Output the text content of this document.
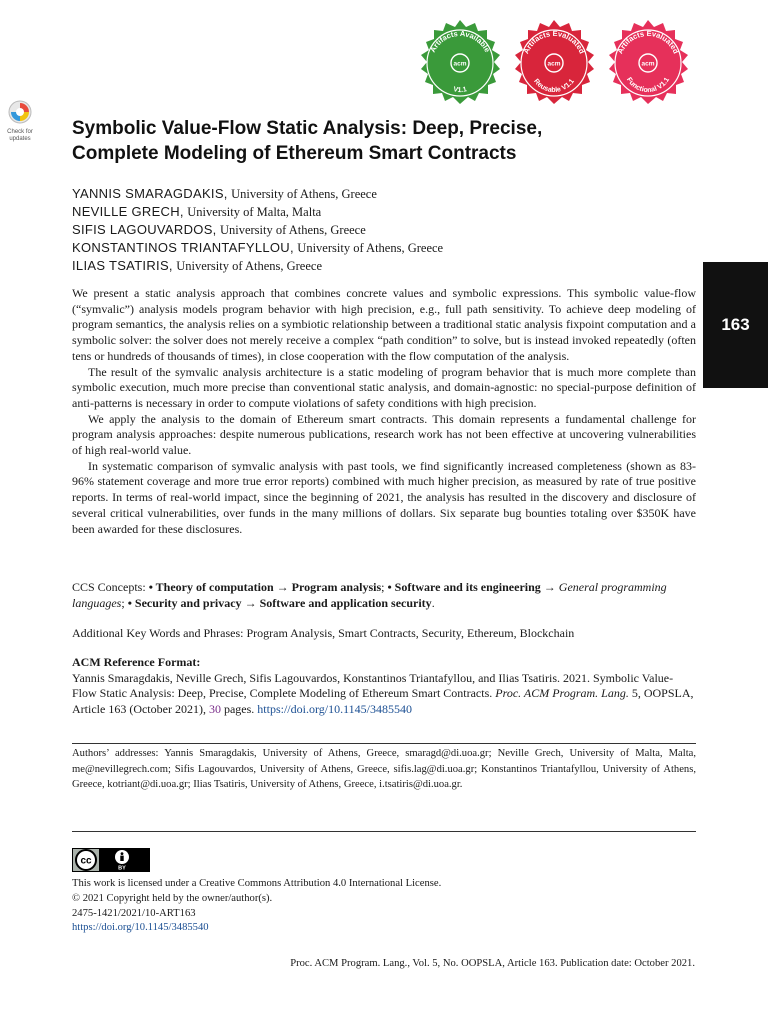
Check for
updates
Artifacts Available
V1.1
acm
Artifacts Evaluated
Reusable V1.1
acm
Artifacts Evaluated
Functional V1.1
acm
163
Symbolic Value-Flow Static Analysis: Deep, Precise,
Complete Modeling of Ethereum Smart Contracts
YANNIS SMARAGDAKIS, University of Athens, Greece
NEVILLE GRECH, University of Malta, Malta
SIFIS LAGOUVARDOS, University of Athens, Greece
KONSTANTINOS TRIANTAFYLLOU, University of Athens, Greece
ILIAS TSATIRIS, University of Athens, Greece

We present a static analysis approach that combines concrete values and symbolic expressions. This symbolic value-flow (“symvalic”) analysis models program behavior with high precision, e.g., full path sensitivity. To achieve deep modeling of program semantics, the analysis relies on a symbiotic relationship between a traditional static analysis fixpoint computation and a symbolic solver: the solver does not merely receive a complex “path condition” to solve, but is instead invoked repeatedly (often tens or hundreds of thousands of times), in close cooperation with the flow computation of the analysis.

The result of the symvalic analysis architecture is a static modeling of program behavior that is much more complete than symbolic execution, much more precise than conventional static analysis, and domain-agnostic: no special-purpose definition of anti-patterns is necessary in order to compute violations of safety conditions with high precision.

We apply the analysis to the domain of Ethereum smart contracts. This domain represents a fundamental challenge for program analysis approaches: despite numerous publications, research work has not been effective at uncovering vulnerabilities of high real-world value.

In systematic comparison of symvalic analysis with past tools, we find significantly increased completeness (shown as 83-96% statement coverage and more true error reports) combined with much higher precision, as measured by rate of true positive reports. In terms of real-world impact, since the beginning of 2021, the analysis has resulted in the discovery and disclosure of several critical vulnerabilities, over funds in the many millions of dollars. Six separate bug bounties totaling over $350K have been awarded for these disclosures.

CCS Concepts: • Theory of computation → Program analysis; • Software and its engineering → General programming languages; • Security and privacy → Software and application security.

Additional Key Words and Phrases: Program Analysis, Smart Contracts, Security, Ethereum, Blockchain

ACM Reference Format:
Yannis Smaragdakis, Neville Grech, Sifis Lagouvardos, Konstantinos Triantafyllou, and Ilias Tsatiris. 2021. Symbolic Value-Flow Static Analysis: Deep, Precise, Complete Modeling of Ethereum Smart Contracts. Proc. ACM Program. Lang. 5, OOPSLA, Article 163 (October 2021), 30 pages. https://doi.org/10.1145/3485540

Authors’ addresses: Yannis Smaragdakis, University of Athens, Greece, smaragd@di.uoa.gr; Neville Grech, University of Malta, Malta, me@nevillegrech.com; Sifis Lagouvardos, University of Athens, Greece, sifis.lag@di.uoa.gr; Konstantinos Triantafyllou, University of Athens, Greece, kotriant@di.uoa.gr; Ilias Tsatiris, University of Athens, Greece, i.tsatiris@di.uoa.gr.

cc
BY
This work is licensed under a Creative Commons Attribution 4.0 International License.
© 2021 Copyright held by the owner/author(s).
2475-1421/2021/10-ART163
https://doi.org/10.1145/3485540
Proc. ACM Program. Lang., Vol. 5, No. OOPSLA, Article 163. Publication date: October 2021.
